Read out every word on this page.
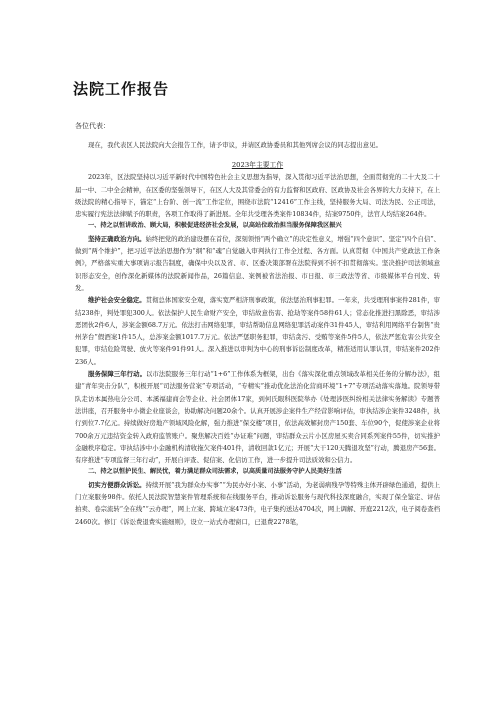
法院工作报告

各位代表：

现在，我代表区人民法院向大会报告工作，请予审议，并请区政协委员和其他列席会议的同志提出意见。

2023年主要工作

2023年，区法院坚持以习近平新时代中国特色社会主义思想为指导，深入贯彻习近平法治思想，全面贯彻党的二十大及二十届一中、二中全会精神，在区委的坚强领导下，在区人大及其常委会的有力监督和区政府、区政协及社会各界的大力支持下，在上级法院的精心指导下，锚定“上台阶、创一流”工作定位，围绕市法院“12416”工作主线，坚持服务大局、司法为民、公正司法，忠实履行宪法法律赋予的职责，各项工作取得了新进展。全年共受理各类案件10834件，结案9750件，法官人均结案264件。

一、持之以恒讲政治、顾大局，积极促进经济社会发展，以高站位政治担当服务保障我区振兴

坚持正确政治方向。始终把党的政治建设摆在首位，深刻领悟“两个确立”的决定性意义，增强“四个意识”、坚定“四个自信”、做到“两个维护”，把习近平法治思想作为“纲”和“魂”自觉融入审判执行工作全过程、各方面。认真贯彻《中国共产党政法工作条例》，严格落实重大事项请示报告制度，确保中央以及省、市、区委决策部署在法院得到不折不扣贯彻落实。坚决推护司法领域意识形态安全，创作深化新媒体的法院新闻作品，26篇信息、案例被省法治报、市日报、市三政法等省、市级媒体平台刊发、转发。

维护社会安全稳定。贯彻总体国家安全观，落实宽严相济刑事政策，依法惩治刑事犯罪。一年来，共受理刑事案件281件，审结238件，判处罪犯300人。依法保护人民生命财产安全，审结故意伤害、抢劫等案件58件61人；常态化推进扫黑除恶，审结涉恶团伙2件6人，涉案金额68.7万元。依法打击网络犯罪，审结帮助信息网络犯罪活动案件31件45人，审结利用网络平台制售“贵州茅台”假酒案1件15人，总涉案金额1017.7万元。依法严惩职务犯罪，审结贪污、受贿等案件5件5人，依法严惩危害公共安全犯罪，审结危险驾驶、放火等案件91件91人。深入推进以审判为中心的刑事诉讼制度改革，精准适用认罪认罚，审结案件202件236人。

服务保障三年行动。以市法院服务三年行动“1+6”工作体系为框架，出台《落实深化重点领域改革相关任务的分解办法》，组建“青年突击分队”，积极开展“司法服务营案”专项活动，“专精实”推动优化法治化营商环境“1+7”专项活动落实落地。院领导带队走访本属热电分公司、本溪福建商会等企业、社会团体17家，到何氏眼科医院举办《处理涉医纠纷相关法律实务解读》专题普法讲座，召开服务中小微企业座谈会，协助解决问题20余个。认真开展涉企案件生产经营影响评估，审执结涉企案件3248件，执行到位7.7亿元。持续做好房地产领域风险化解，强力推进“保交楼”项目，依法高效解封房产150套、车位90个，促使涉案企业将700余万元违结资金转入政府监管账户。聚焦解决百姓“办证难”问题，审结群众云片小区房屋买卖合同系列案件55件，切实推护金融秩序稳定。审执结涉中小金融机构清收拖欠案件401件，清收回款1亿元；开展“大干120天腾退攻坚”行动，腾退房产56套。有序推进“专项监督三年行动”，开展自评查、促信案、化信访工作，进一步提升司法质效和公信力。

二、持之以恒护民生、解民忧，着力满足群众司法需求，以高质量司法服务守护人民美好生活

切实方便群众诉讼。持续开展“我为群众办实事”“为民办好小案、小事”活动，为老弱病残孕等特殊主体开辟绿色通道，提供上门立案服务98件。依托人民法院智慧案件管理系统和在线服务平台，推动诉讼服务与现代科技深度融合，实现了保全鉴定、评估拍卖、卷宗流转“全在线”“云办理”，网上立案、跨域立案473件，电子集约送达4704次，网上调解、开庭2212次，电子阅卷查档2460次。修订《诉讼费退费实施细则》，设立一站式办理窗口，已退费2278笔，
